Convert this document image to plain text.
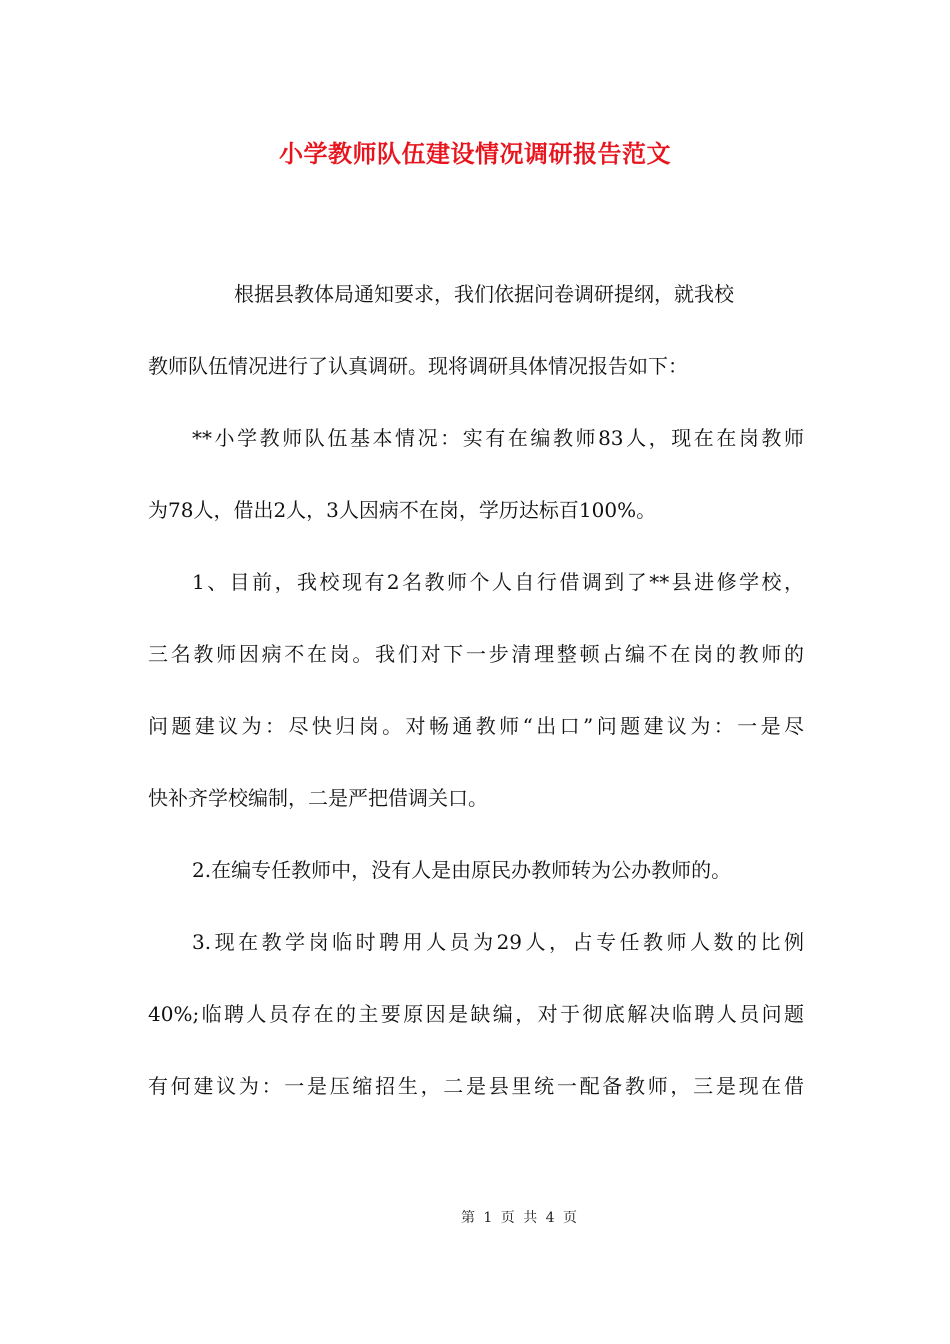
小学教师队伍建设情况调研报告范文
根据县教体局通知要求，我们依据问卷调研提纲，就我校
教师队伍情况进行了认真调研。现将调研具体情况报告如下：
**小学教师队伍基本情况：实有在编教师83人，现在在岗教师
为78人，借出2人，3人因病不在岗，学历达标百100%。
1、目前，我校现有2名教师个人自行借调到了**县进修学校，
三名教师因病不在岗。我们对下一步清理整顿占编不在岗的教师的
问题建议为：尽快归岗。对畅通教师“出口”问题建议为：一是尽
快补齐学校编制，二是严把借调关口。
2.在编专任教师中，没有人是由原民办教师转为公办教师的。
3.现在教学岗临时聘用人员为29人，占专任教师人数的比例
40%;临聘人员存在的主要原因是缺编，对于彻底解决临聘人员问题
有何建议为：一是压缩招生，二是县里统一配备教师，三是现在借
第 1 页 共 4 页
